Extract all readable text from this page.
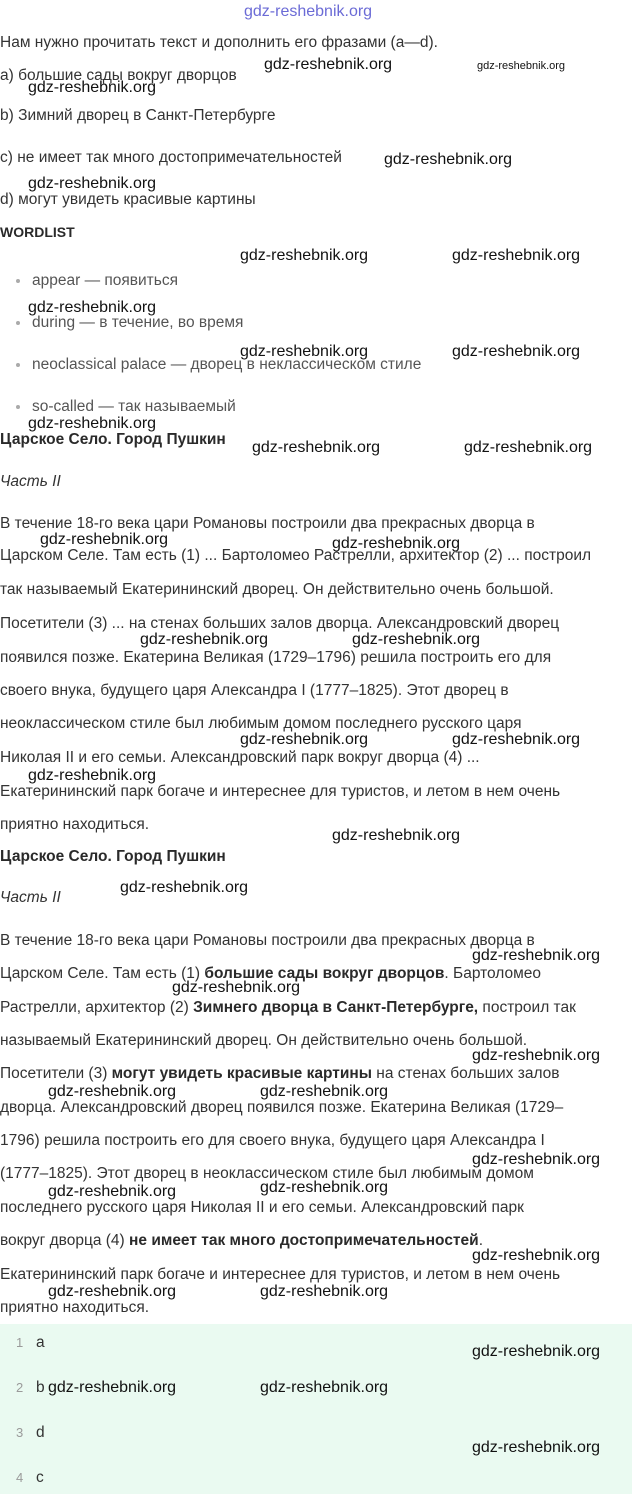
gdz-reshebnik.org
Нам нужно прочитать текст и дополнить его фразами (a—d).
a) большие сады вокруг дворцов
b) Зимний дворец в Санкт-Петербурге
c) не имеет так много достопримечательностей
d) могут увидеть красивые картины
WORDLIST
appear — появиться
during — в течение, во время
neoclassical palace — дворец в неклассическом стиле
so-called — так называемый
Царское Село. Город Пушкин
Часть II
В течение 18-го века цари Романовы построили два прекрасных дворца в
Царском Селе. Там есть (1) ... Бартоломео Растрелли, архитектор (2) ... построил
так называемый Екатерининский дворец. Он действительно очень большой.
Посетители (3) ... на стенах больших залов дворца. Александровский дворец
появился позже. Екатерина Великая (1729–1796) решила построить его для
своего внука, будущего царя Александра I (1777–1825). Этот дворец в
неоклассическом стиле был любимым домом последнего русского царя
Николая II и его семьи. Александровский парк вокруг дворца (4) ...
Екатерининский парк богаче и интереснее для туристов, и летом в нем очень
приятно находиться.
Царское Село. Город Пушкин
Часть II
В течение 18-го века цари Романовы построили два прекрасных дворца в
Царском Селе. Там есть (1) большие сады вокруг дворцов. Бартоломео
Растрелли, архитектор (2) Зимнего дворца в Санкт-Петербурге, построил так
называемый Екатерининский дворец. Он действительно очень большой.
Посетители (3) могут увидеть красивые картины на стенах больших залов
дворца. Александровский дворец появился позже. Екатерина Великая (1729–
1796) решила построить его для своего внука, будущего царя Александра I
(1777–1825). Этот дворец в неоклассическом стиле был любимым домом
последнего русского царя Николая II и его семьи. Александровский парк
вокруг дворца (4) не имеет так много достопримечательностей.
Екатерининский парк богаче и интереснее для туристов, и летом в нем очень
приятно находиться.
1 a
2 b
3 d
4 c
gdz-reshebnik.org	gdz-reshebnik.org
gdz-reshebnik.org
gdz-reshebnik.org
gdz-reshebnik.org
gdz-reshebnik.org	gdz-reshebnik.org
gdz-reshebnik.org
gdz-reshebnik.org	gdz-reshebnik.org
gdz-reshebnik.org
gdz-reshebnik.org	gdz-reshebnik.org
gdz-reshebnik.org	gdz-reshebnik.org
gdz-reshebnik.org	gdz-reshebnik.org
gdz-reshebnik.org	gdz-reshebnik.org
gdz-reshebnik.org
gdz-reshebnik.org
gdz-reshebnik.org
gdz-reshebnik.org
gdz-reshebnik.org
gdz-reshebnik.org
gdz-reshebnik.org	gdz-reshebnik.org
gdz-reshebnik.org
gdz-reshebnik.org	gdz-reshebnik.org
gdz-reshebnik.org
gdz-reshebnik.org	gdz-reshebnik.org
gdz-reshebnik.org
gdz-reshebnik.org	gdz-reshebnik.org
gdz-reshebnik.org
